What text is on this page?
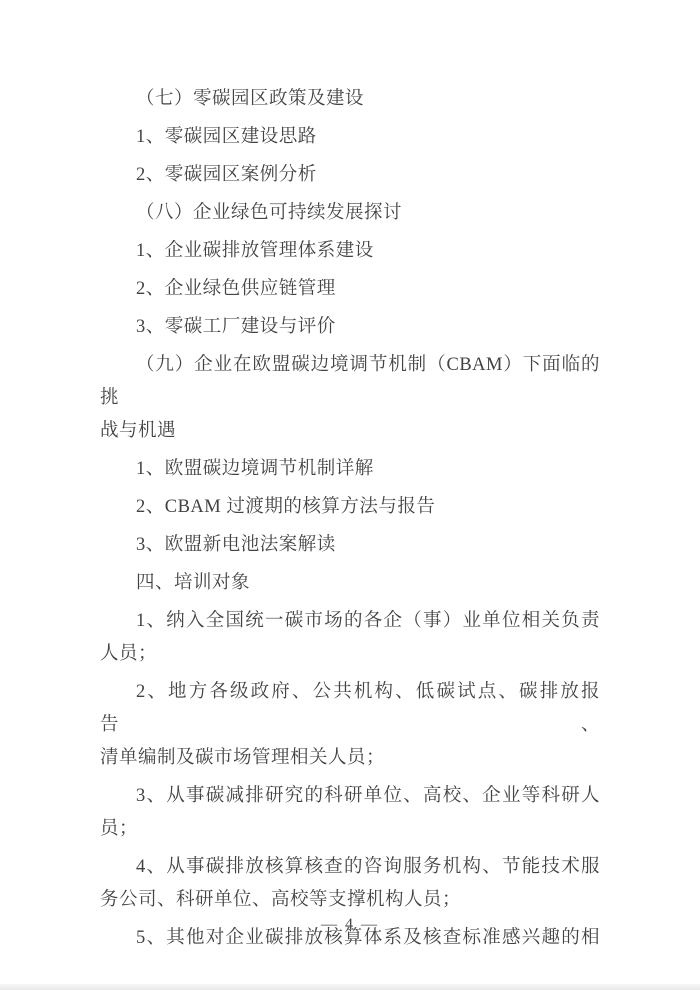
（七）零碳园区政策及建设
1、零碳园区建设思路
2、零碳园区案例分析
（八）企业绿色可持续发展探讨
1、企业碳排放管理体系建设
2、企业绿色供应链管理
3、零碳工厂建设与评价
（九）企业在欧盟碳边境调节机制（CBAM）下面临的挑
战与机遇
1、欧盟碳边境调节机制详解
2、CBAM 过渡期的核算方法与报告
3、欧盟新电池法案解读
四、培训对象
1、纳入全国统一碳市场的各企（事）业单位相关负责
人员；
2、地方各级政府、公共机构、低碳试点、碳排放报告、
清单编制及碳市场管理相关人员；
3、从事碳减排研究的科研单位、高校、企业等科研人
员；
4、从事碳排放核算核查的咨询服务机构、节能技术服
务公司、科研单位、高校等支撑机构人员；
5、其他对企业碳排放核算体系及核查标准感兴趣的相
— 4 —
